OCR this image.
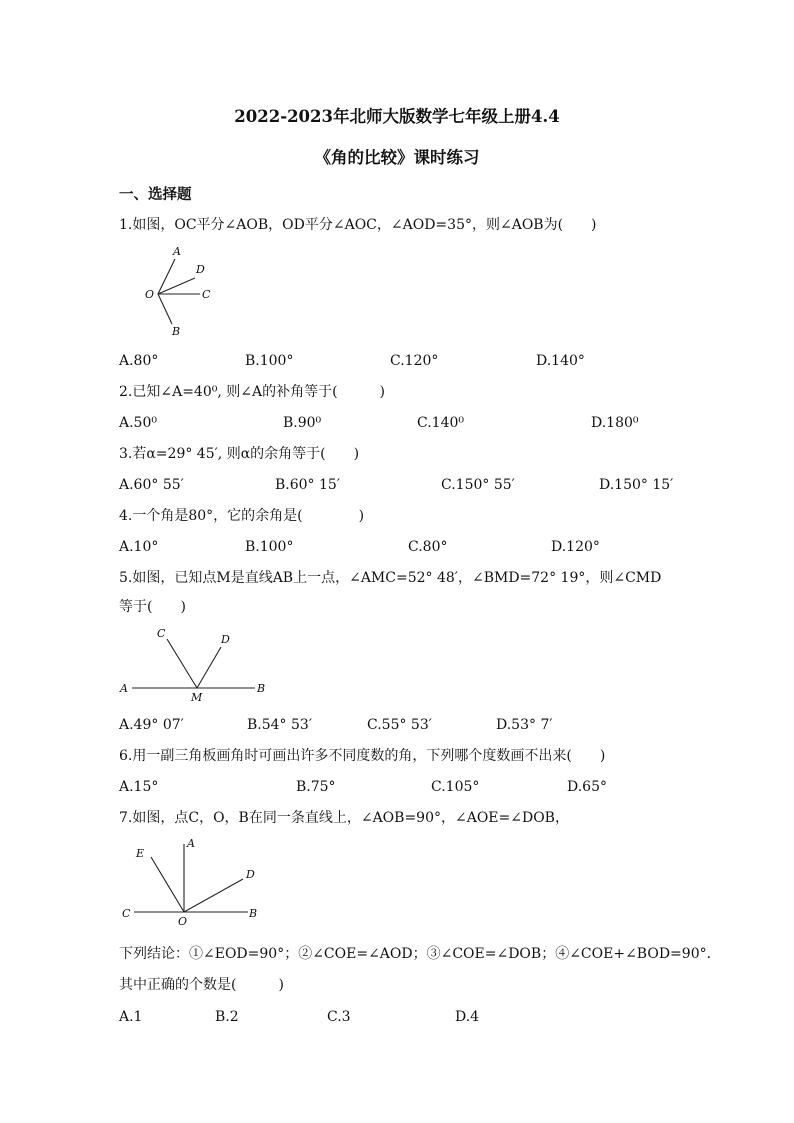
2022-2023年北师大版数学七年级上册4.4
《角的比较》课时练习
一、选择题
1.如图，OC平分∠AOB，OD平分∠AOC，∠AOD=35°，则∠AOB为(　　)
A
D
O	C
B
A.80°	B.100°	C.120°	D.140°
2.已知∠A=40⁰, 则∠A的补角等于(　　　)
A.50⁰	B.90⁰	C.140⁰	D.180⁰
3.若α=29° 45′, 则α的余角等于(　　)
A.60° 55′	B.60° 15′	C.150° 55′	D.150° 15′
4.一个角是80°，它的余角是(　　　　)
A.10°	B.100°	C.80°	D.120°
5.如图，已知点M是直线AB上一点，∠AMC=52° 48′，∠BMD=72° 19°，则∠CMD
等于(　　)
C	D
A
M
B
A.49° 07′	B.54° 53′	C.55° 53′	D.53° 7′
6.用一副三角板画角时可画出许多不同度数的角，下列哪个度数画不出来(　　)
A.15°	B.75°	C.105°	D.65°
7.如图，点C，O，B在同一条直线上，∠AOB=90°，∠AOE=∠DOB，
E
A
D
C
O
B
下列结论：①∠EOD=90°；②∠COE=∠AOD；③∠COE=∠DOB；④∠COE+∠BOD=90°．
其中正确的个数是(　　　)
A.1	B.2	C.3	D.4
